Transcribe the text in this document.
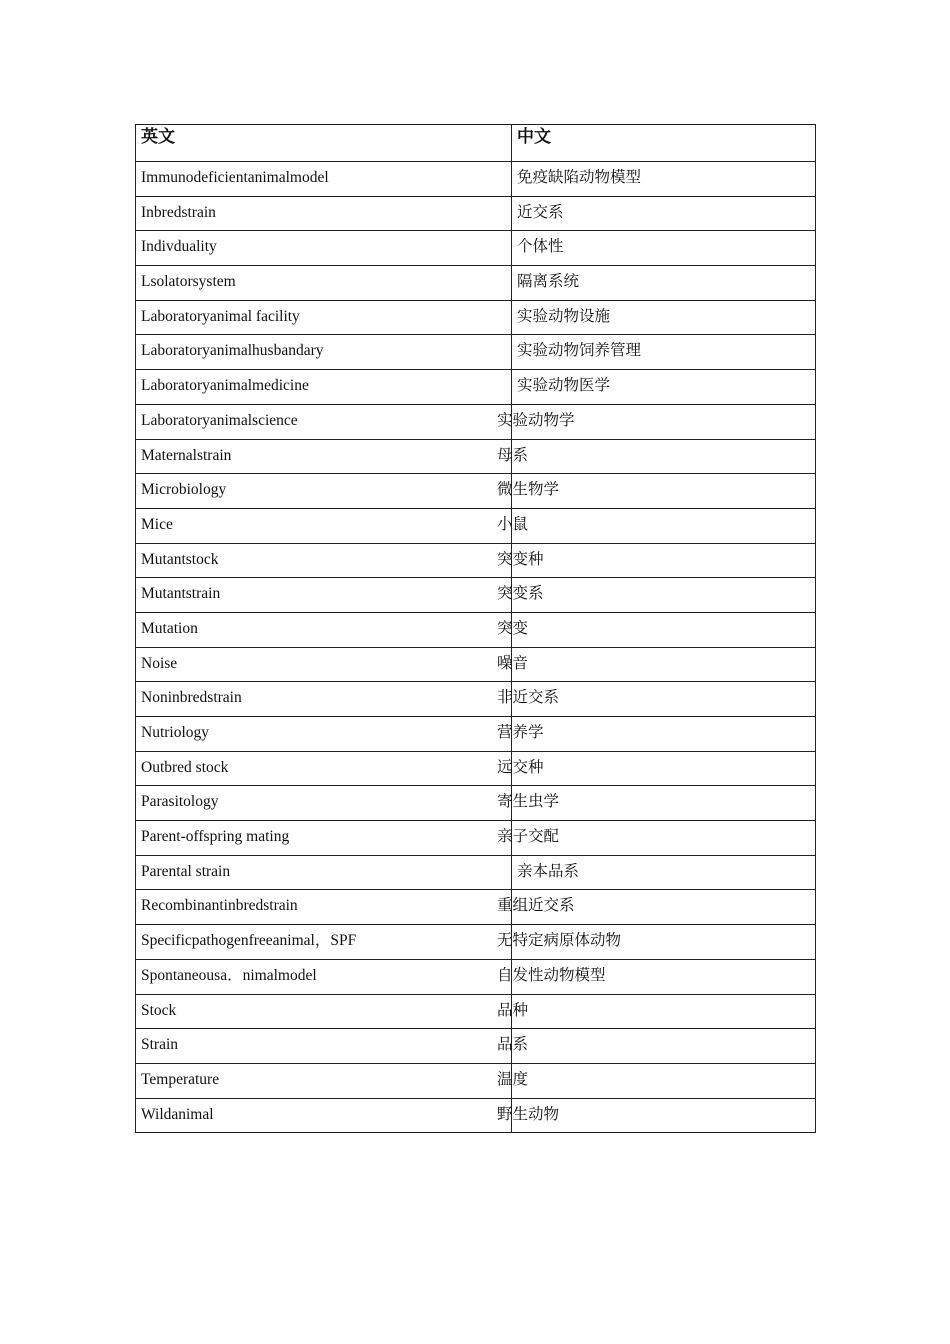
英文	中文

Immunodeficientanimalmodel	免疫缺陷动物模型

Inbredstrain	近交系

Indivduality	个体性

Lsolatorsystem	隔离系统

Laboratoryanimal facility	实验动物设施

Laboratoryanimalhusbandary	实验动物饲养管理

Laboratoryanimalmedicine	实验动物医学

Laboratoryanimalscience	实验动物学

Maternalstrain	母系

Microbiology	微生物学

Mice	小鼠

Mutantstock	突变种

Mutantstrain	突变系

Mutation	突变

Noise	噪音

Noninbredstrain	非近交系

Nutriology	营养学

Outbred stock	远交种

Parasitology	寄生虫学

Parent-offspring mating	亲子交配

Parental strain	亲本品系

Recombinantinbredstrain	重组近交系

Specificpathogenfreeanimal，SPF	无特定病原体动物

Spontaneousa．nimalmodel	自发性动物模型

Stock	品种

Strain	品系

Temperature	温度

Wildanimal	野生动物
